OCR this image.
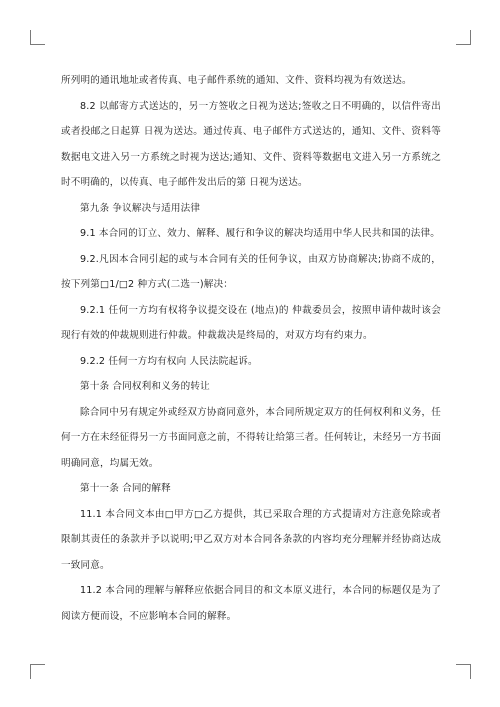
所列明的通讯地址或者传真、电子邮件系统的通知、文件、资料均视为有效送达。

8.2 以邮寄方式送达的，另一方签收之日视为送达;签收之日不明确的，以信件寄出或者投邮之日起算 日视为送达。通过传真、电子邮件方式送达的，通知、文件、资料等数据电文进入另一方系统之时视为送达;通知、文件、资料等数据电文进入另一方系统之时不明确的，以传真、电子邮件发出后的第 日视为送达。

第九条 争议解决与适用法律

9.1 本合同的订立、效力、解释、履行和争议的解决均适用中华人民共和国的法律。

9.2.凡因本合同引起的或与本合同有关的任何争议，由双方协商解决;协商不成的，按下列第□1/□2 种方式(二选一)解决：

9.2.1 任何一方均有权将争议提交设在 (地点)的 仲裁委员会，按照申请仲裁时该会现行有效的仲裁规则进行仲裁。仲裁裁决是终局的，对双方均有约束力。

9.2.2 任何一方均有权向 人民法院起诉。

第十条 合同权利和义务的转让

除合同中另有规定外或经双方协商同意外，本合同所规定双方的任何权利和义务，任何一方在未经征得另一方书面同意之前，不得转让给第三者。任何转让，未经另一方书面明确同意，均属无效。

第十一条 合同的解释

11.1 本合同文本由□甲方□乙方提供，其已采取合理的方式提请对方注意免除或者限制其责任的条款并予以说明;甲乙双方对本合同各条款的内容均充分理解并经协商达成一致同意。

11.2 本合同的理解与解释应依据合同目的和文本原义进行，本合同的标题仅是为了阅读方便而设，不应影响本合同的解释。
